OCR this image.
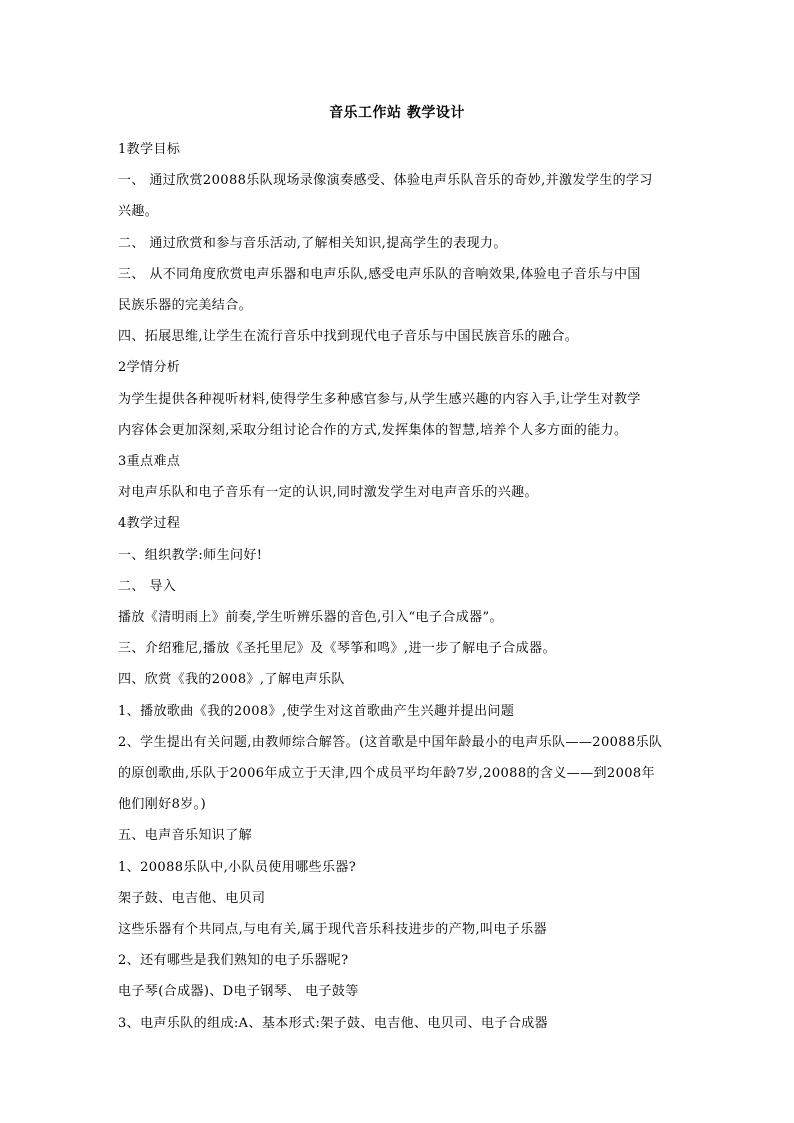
音乐工作站 教学设计
1教学目标
一、 通过欣赏20088乐队现场录像演奏感受、体验电声乐队音乐的奇妙,并激发学生的学习
兴趣。
二、 通过欣赏和参与音乐活动,了解相关知识,提高学生的表现力。
三、 从不同角度欣赏电声乐器和电声乐队,感受电声乐队的音响效果,体验电子音乐与中国
民族乐器的完美结合。
四、拓展思维,让学生在流行音乐中找到现代电子音乐与中国民族音乐的融合。
2学情分析
为学生提供各种视听材料,使得学生多种感官参与,从学生感兴趣的内容入手,让学生对教学
内容体会更加深刻,采取分组讨论合作的方式,发挥集体的智慧,培养个人多方面的能力。
3重点难点
对电声乐队和电子音乐有一定的认识,同时激发学生对电声音乐的兴趣。
4教学过程
一、组织教学:师生问好!
二、 导入
播放《清明雨上》前奏,学生听辨乐器的音色,引入“电子合成器”。
三、介绍雅尼,播放《圣托里尼》及《琴筝和鸣》,进一步了解电子合成器。
四、欣赏《我的2008》,了解电声乐队
1、播放歌曲《我的2008》,使学生对这首歌曲产生兴趣并提出问题
2、学生提出有关问题,由教师综合解答。(这首歌是中国年龄最小的电声乐队——20088乐队
的原创歌曲,乐队于2006年成立于天津,四个成员平均年龄7岁,20088的含义——到2008年
他们刚好8岁。)
五、电声音乐知识了解
1、20088乐队中,小队员使用哪些乐器?
架子鼓、电吉他、电贝司
这些乐器有个共同点,与电有关,属于现代音乐科技进步的产物,叫电子乐器
2、还有哪些是我们熟知的电子乐器呢?
电子琴(合成器)、D电子钢琴、 电子鼓等
3、电声乐队的组成:A、基本形式:架子鼓、电吉他、电贝司、电子合成器
